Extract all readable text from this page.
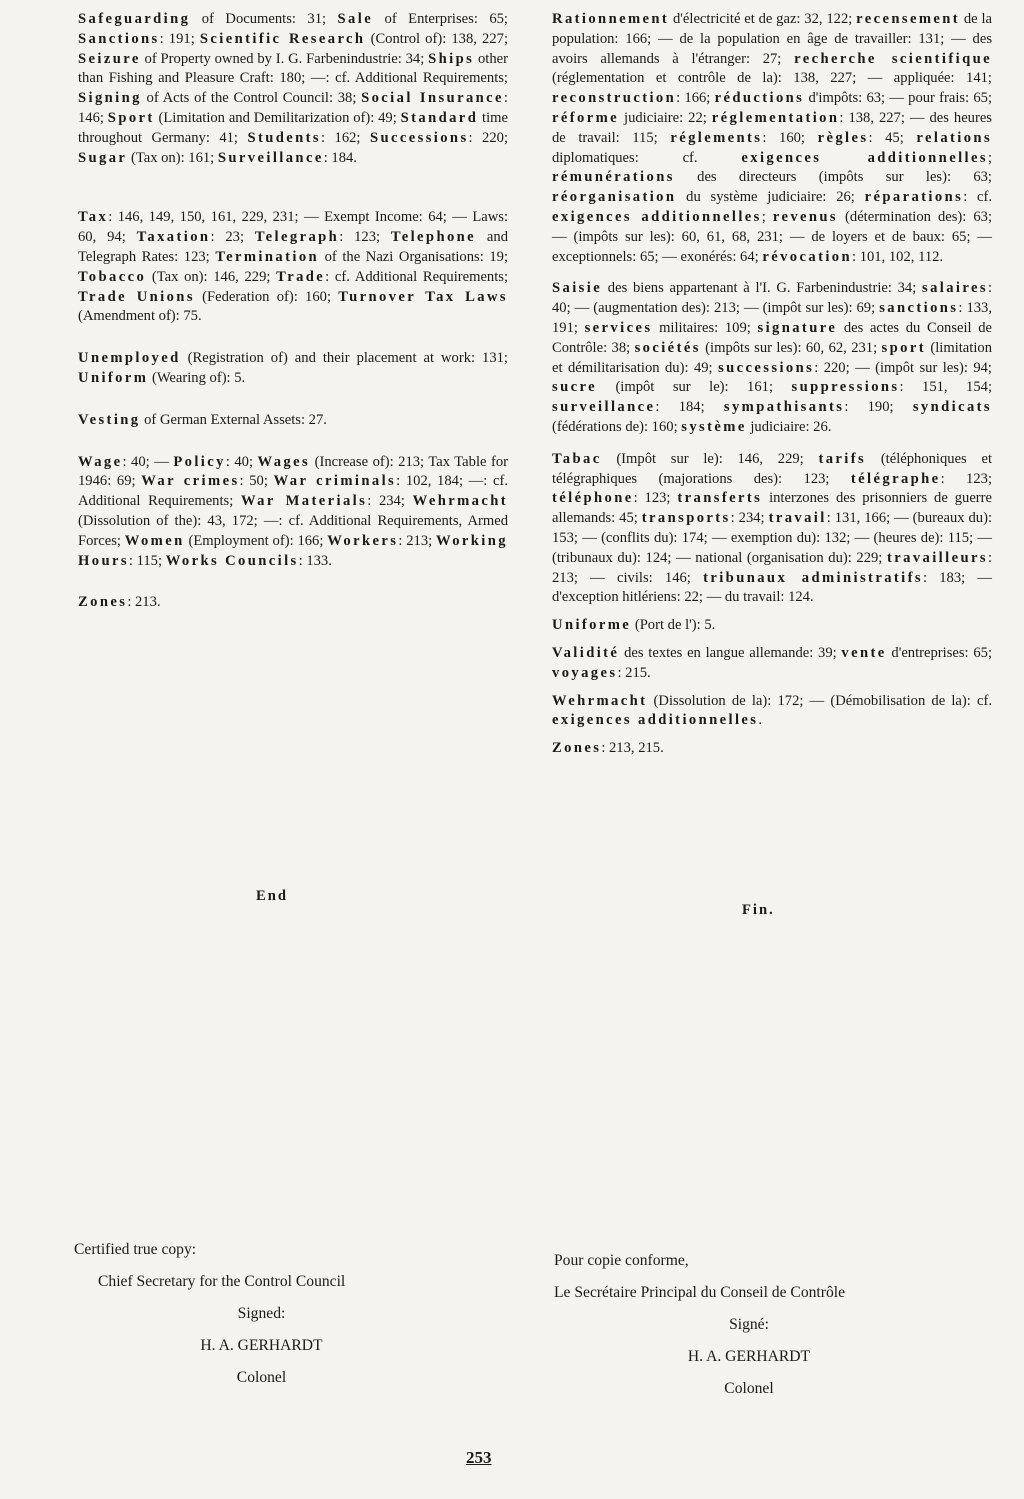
Safeguarding of Documents: 31; Sale of Enterprises: 65; Sanctions: 191; Scientific Research (Control of): 138, 227; Seizure of Property owned by I. G. Farbenindustrie: 34; Ships other than Fishing and Pleasure Craft: 180; —: cf. Additional Requirements; Signing of Acts of the Control Council: 38; Social Insurance: 146; Sport (Limitation and Demilitarization of): 49; Standard time throughout Germany: 41; Students: 162; Successions: 220; Sugar (Tax on): 161; Surveillance: 184.

Tax: 146, 149, 150, 161, 229, 231; — Exempt Income: 64; — Laws: 60, 94; Taxation: 23; Telegraph: 123; Telephone and Telegraph Rates: 123; Termination of the Nazi Organisations: 19; Tobacco (Tax on): 146, 229; Trade: cf. Additional Requirements; Trade Unions (Federation of): 160; Turnover Tax Laws (Amendment of): 75.

Unemployed (Registration of) and their placement at work: 131; Uniform (Wearing of): 5.

Vesting of German External Assets: 27.

Wage: 40; — Policy: 40; Wages (Increase of): 213; Tax Table for 1946: 69; War crimes: 50; War criminals: 102, 184; —: cf. Additional Requirements; War Materials: 234; Wehrmacht (Dissolution of the): 43, 172; —: cf. Additional Requirements, Armed Forces; Women (Employment of): 166; Workers: 213; Working Hours: 115; Works Councils: 133.

Zones: 213.

Rationnement d'électricité et de gaz: 32, 122; recensement de la population: 166; — de la population en âge de travailler: 131; — des avoirs allemands à l'étranger: 27; recherche scientifique (réglementation et contrôle de la): 138, 227; — appliquée: 141; reconstruction: 166; réductions d'impôts: 63; — pour frais: 65; réforme judiciaire: 22; réglementation: 138, 227; — des heures de travail: 115; réglements: 160; règles: 45; relations diplomatiques: cf. exigences additionnelles; rémunérations des directeurs (impôts sur les): 63; réorganisation du système judiciaire: 26; réparations: cf. exigences additionnelles; revenus (détermination des): 63; — (impôts sur les): 60, 61, 68, 231; — de loyers et de baux: 65; — exceptionnels: 65; — exonérés: 64; révocation: 101, 102, 112.

Saisie des biens appartenant à l'I. G. Farbenindustrie: 34; salaires: 40; — (augmentation des): 213; — (impôt sur les): 69; sanctions: 133, 191; services militaires: 109; signature des actes du Conseil de Contrôle: 38; sociétés (impôts sur les): 60, 62, 231; sport (limitation et démilitarisation du): 49; successions: 220; — (impôt sur les): 94; sucre (impôt sur le): 161; suppressions: 151, 154; surveillance: 184; sympathisants: 190; syndicats (fédérations de): 160; système judiciaire: 26.

Tabac (Impôt sur le): 146, 229; tarifs (téléphoniques et télégraphiques (majorations des): 123; télégraphe: 123; téléphone: 123; transferts interzones des prisonniers de guerre allemands: 45; transports: 234; travail: 131, 166; — (bureaux du): 153; — (conflits du): 174; — exemption du): 132; — (heures de): 115; — (tribunaux du): 124; — national (organisation du): 229; travailleurs: 213; — civils: 146; tribunaux administratifs: 183; — d'exception hitlériens: 22; — du travail: 124.

Uniforme (Port de l'): 5.

Validité des textes en langue allemande: 39; vente d'entreprises: 65; voyages: 215.

Wehrmacht (Dissolution de la): 172; — (Démobilisation de la): cf. exigences additionnelles.

Zones: 213, 215.

End
Fin.
Certified true copy:
Chief Secretary for the Control Council
Signed:
H. A. GERHARDT
Colonel
Pour copie conforme,
Le Secrétaire Principal du Conseil de Contrôle
Signé:
H. A. GERHARDT
Colonel
253
